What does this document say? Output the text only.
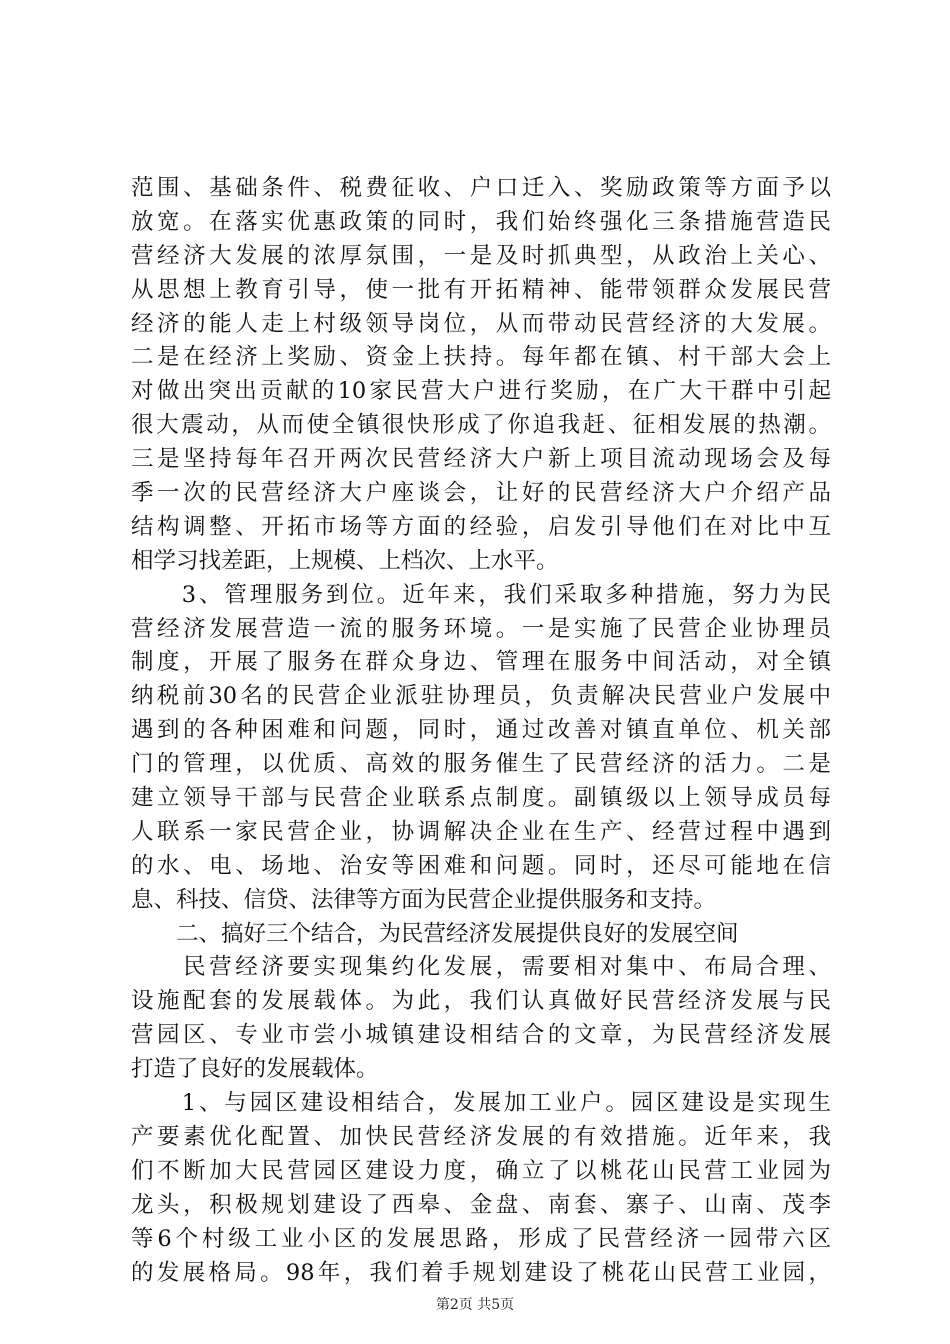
范围、基础条件、税费征收、户口迁入、奖励政策等方面予以
放宽。在落实优惠政策的同时，我们始终强化三条措施营造民
营经济大发展的浓厚氛围，一是及时抓典型，从政治上关心、
从思想上教育引导，使一批有开拓精神、能带领群众发展民营
经济的能人走上村级领导岗位，从而带动民营经济的大发展。
二是在经济上奖励、资金上扶持。每年都在镇、村干部大会上
对做出突出贡献的10家民营大户进行奖励，在广大干群中引起
很大震动，从而使全镇很快形成了你追我赶、征相发展的热潮。
三是坚持每年召开两次民营经济大户新上项目流动现场会及每
季一次的民营经济大户座谈会，让好的民营经济大户介绍产品
结构调整、开拓市场等方面的经验，启发引导他们在对比中互
相学习找差距，上规模、上档次、上水平。
　　3、管理服务到位。近年来，我们采取多种措施，努力为民
营经济发展营造一流的服务环境。一是实施了民营企业协理员
制度，开展了服务在群众身边、管理在服务中间活动，对全镇
纳税前30名的民营企业派驻协理员，负责解决民营业户发展中
遇到的各种困难和问题，同时，通过改善对镇直单位、机关部
门的管理，以优质、高效的服务催生了民营经济的活力。二是
建立领导干部与民营企业联系点制度。副镇级以上领导成员每
人联系一家民营企业，协调解决企业在生产、经营过程中遇到
的水、电、场地、治安等困难和问题。同时，还尽可能地在信
息、科技、信贷、法律等方面为民营企业提供服务和支持。
　　二、搞好三个结合，为民营经济发展提供良好的发展空间
　　民营经济要实现集约化发展，需要相对集中、布局合理、
设施配套的发展载体。为此，我们认真做好民营经济发展与民
营园区、专业市尝小城镇建设相结合的文章，为民营经济发展
打造了良好的发展载体。
　　1、与园区建设相结合，发展加工业户。园区建设是实现生
产要素优化配置、加快民营经济发展的有效措施。近年来，我
们不断加大民营园区建设力度，确立了以桃花山民营工业园为
龙头，积极规划建设了西皋、金盘、南套、寨子、山南、茂李
等6个村级工业小区的发展思路，形成了民营经济一园带六区
的发展格局。98年，我们着手规划建设了桃花山民营工业园，
第2页 共5页
